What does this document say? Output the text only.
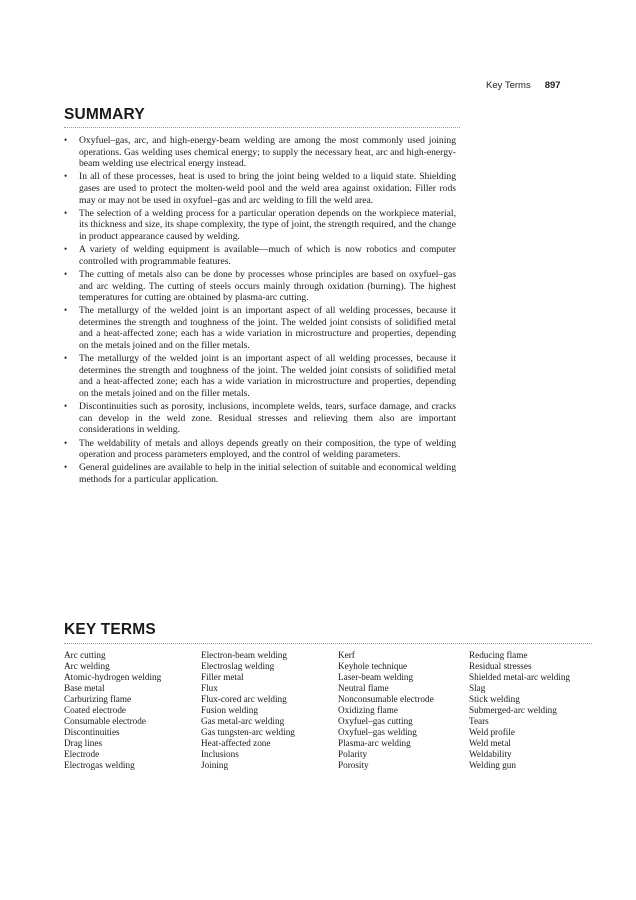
Key Terms 897
SUMMARY
• Oxyfuel–gas, arc, and high-energy-beam welding are among the most commonly used joining operations. Gas welding uses chemical energy; to supply the necessary heat, arc and high-energy-beam welding use electrical energy instead.
• In all of these processes, heat is used to bring the joint being welded to a liquid state. Shielding gases are used to protect the molten-weld pool and the weld area against oxidation. Filler rods may or may not be used in oxyfuel–gas and arc welding to fill the weld area.
• The selection of a welding process for a particular operation depends on the workpiece material, its thickness and size, its shape complexity, the type of joint, the strength required, and the change in product appearance caused by welding.
• A variety of welding equipment is available—much of which is now robotics and computer controlled with programmable features.
• The cutting of metals also can be done by processes whose principles are based on oxyfuel–gas and arc welding. The cutting of steels occurs mainly through oxidation (burning). The highest temperatures for cutting are obtained by plasma-arc cutting.
• The metallurgy of the welded joint is an important aspect of all welding processes, because it determines the strength and toughness of the joint. The welded joint consists of solidified metal and a heat-affected zone; each has a wide variation in microstructure and properties, depending on the metals joined and on the filler metals.
• The metallurgy of the welded joint is an important aspect of all welding processes, because it determines the strength and toughness of the joint. The welded joint consists of solidified metal and a heat-affected zone; each has a wide variation in microstructure and properties, depending on the metals joined and on the filler metals.
• Discontinuities such as porosity, inclusions, incomplete welds, tears, surface damage, and cracks can develop in the weld zone. Residual stresses and relieving them also are important considerations in welding.
• The weldability of metals and alloys depends greatly on their composition, the type of welding operation and process parameters employed, and the control of welding parameters.
• General guidelines are available to help in the initial selection of suitable and economical welding methods for a particular application.
KEY TERMS
Arc cutting
Arc welding
Atomic-hydrogen welding
Base metal
Carburizing flame
Coated electrode
Consumable electrode
Discontinuities
Drag lines
Electrode
Electrogas welding
Electron-beam welding
Electroslag welding
Filler metal
Flux
Flux-cored arc welding
Fusion welding
Gas metal-arc welding
Gas tungsten-arc welding
Heat-affected zone
Inclusions
Joining
Kerf
Keyhole technique
Laser-beam welding
Neutral flame
Nonconsumable electrode
Oxidizing flame
Oxyfuel–gas cutting
Oxyfuel–gas welding
Plasma-arc welding
Polarity
Porosity
Reducing flame
Residual stresses
Shielded metal-arc welding
Slag
Stick welding
Submerged-arc welding
Tears
Weld profile
Weld metal
Weldability
Welding gun
